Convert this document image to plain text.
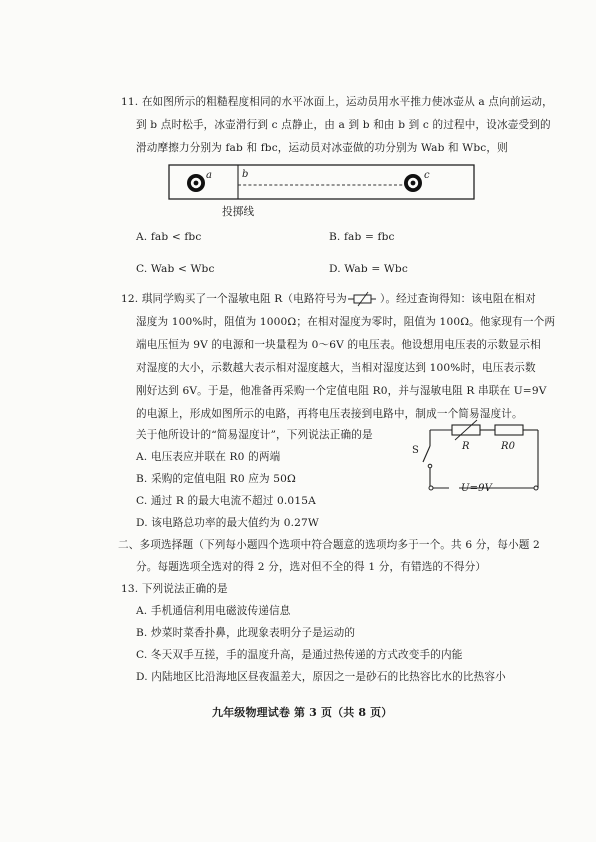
11. 在如图所示的粗糙程度相同的水平冰面上，运动员用水平推力使冰壶从 a 点向前运动，
到 b 点时松手，冰壶滑行到 c 点静止，由 a 到 b 和由 b 到 c 的过程中，设冰壶受到的
滑动摩擦力分别为 fab 和 fbc，运动员对冰壶做的功分别为 Wab 和 Wbc，则
a	b	c
投掷线
A. fab < fbc	B. fab = fbc
C. Wab < Wbc	D. Wab = Wbc
12. 琪同学购买了一个湿敏电阻 R（电路符号为	）。经过查询得知：该电阻在相对
湿度为 100%时，阻值为 1000Ω；在相对湿度为零时，阻值为 100Ω。他家现有一个两
端电压恒为 9V 的电源和一块量程为 0～6V 的电压表。他设想用电压表的示数显示相
对湿度的大小，示数越大表示相对湿度越大，当相对湿度达到 100%时，电压表示数
刚好达到 6V。于是，他准备再采购一个定值电阻 R0，并与湿敏电阻 R 串联在 U=9V
的电源上，形成如图所示的电路，再将电压表接到电路中，制成一个简易湿度计。
关于他所设计的“简易湿度计”，下列说法正确的是
A. 电压表应并联在 R0 的两端
B. 采购的定值电阻 R0 应为 50Ω
C. 通过 R 的最大电流不超过 0.015A
D. 该电路总功率的最大值约为 0.27W
S	R	R0
U=9V
二、多项选择题（下列每小题四个选项中符合题意的选项均多于一个。共 6 分，每小题 2
分。每题选项全选对的得 2 分，选对但不全的得 1 分，有错选的不得分）
13. 下列说法正确的是
A. 手机通信利用电磁波传递信息
B. 炒菜时菜香扑鼻，此现象表明分子是运动的
C. 冬天双手互搓，手的温度升高，是通过热传递的方式改变手的内能
D. 内陆地区比沿海地区昼夜温差大，原因之一是砂石的比热容比水的比热容小
九年级物理试卷 第 3 页（共 8 页）
